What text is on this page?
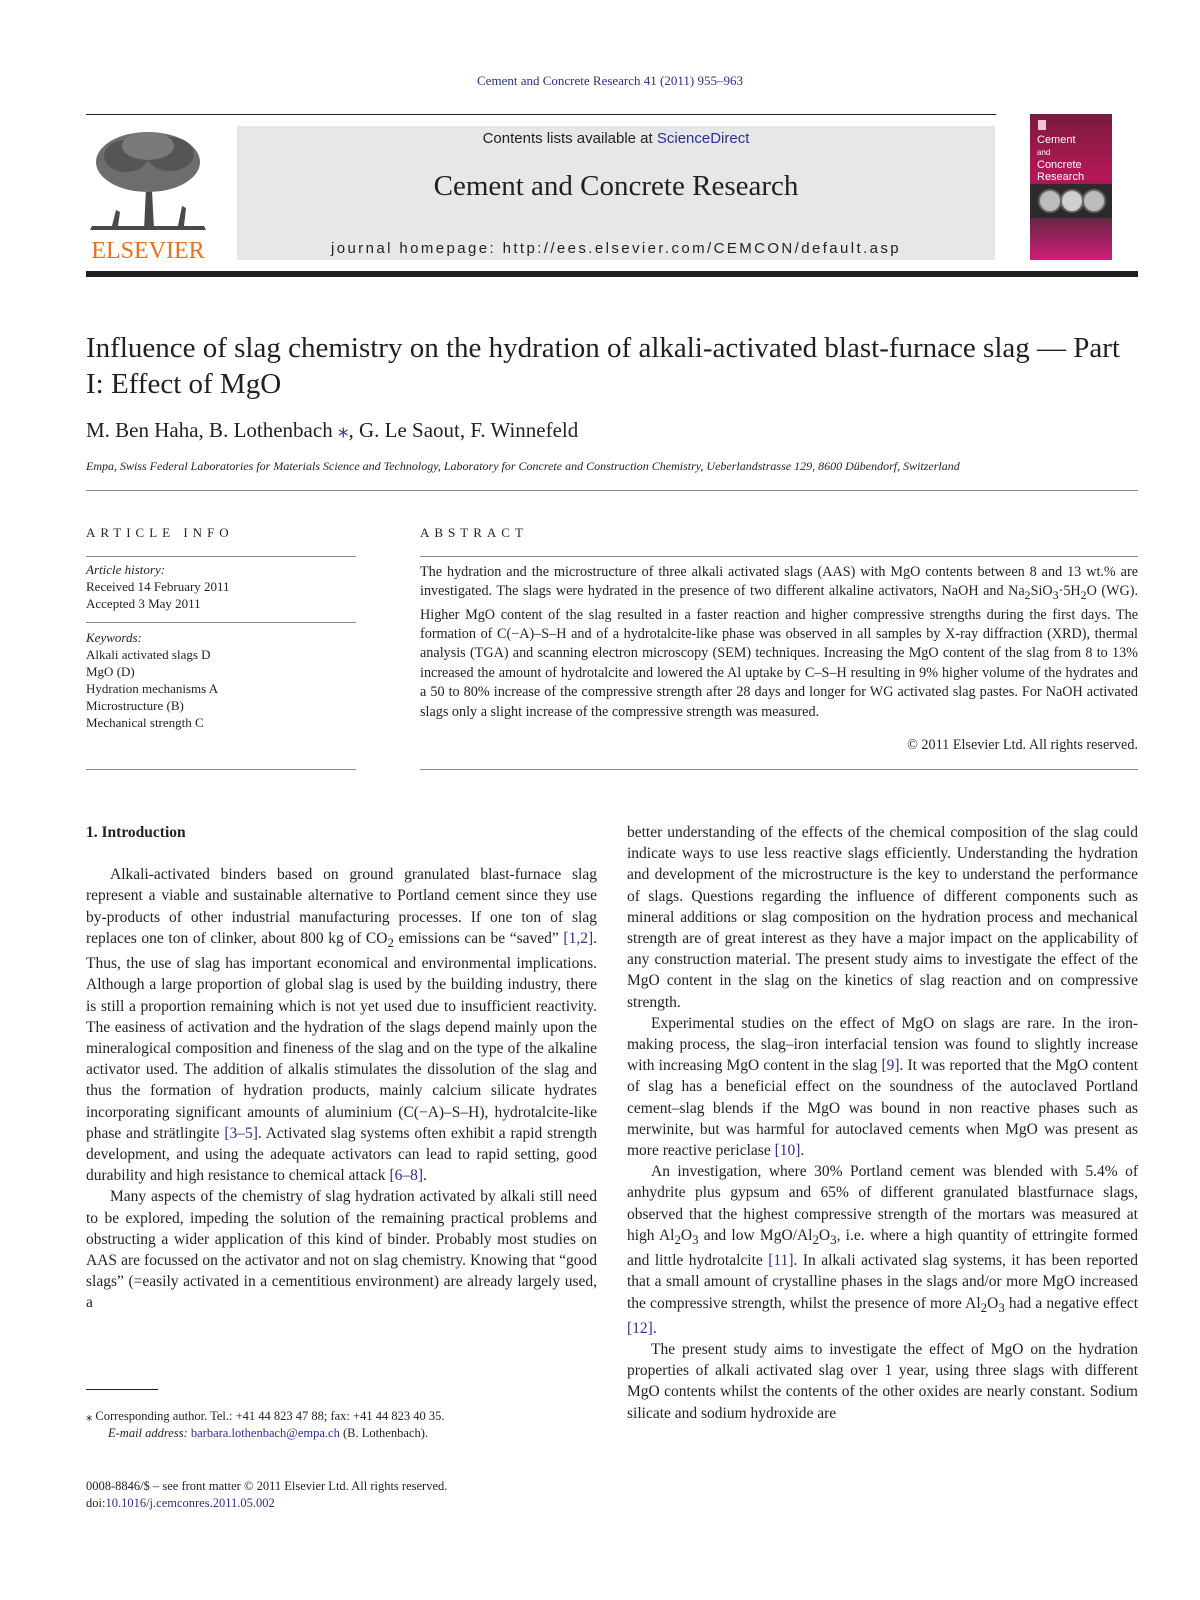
Cement and Concrete Research 41 (2011) 955–963
ELSEVIER
Contents lists available at ScienceDirect
Cement and Concrete Research
journal homepage: http://ees.elsevier.com/CEMCON/default.asp
Cement
and
Concrete
Research
Influence of slag chemistry on the hydration of alkali-activated blast-furnace slag — Part I: Effect of MgO
M. Ben Haha, B. Lothenbach ⁎, G. Le Saout, F. Winnefeld
Empa, Swiss Federal Laboratories for Materials Science and Technology, Laboratory for Concrete and Construction Chemistry, Ueberlandstrasse 129, 8600 Dübendorf, Switzerland
ARTICLE INFO
Article history:
Received 14 February 2011
Accepted 3 May 2011
Keywords:
Alkali activated slags D
MgO (D)
Hydration mechanisms A
Microstructure (B)
Mechanical strength C
ABSTRACT

The hydration and the microstructure of three alkali activated slags (AAS) with MgO contents between 8 and 13 wt.% are investigated. The slags were hydrated in the presence of two different alkaline activators, NaOH and $Na_2SiO_3\cdot 5H_2O$ (WG). Higher MgO content of the slag resulted in a faster reaction and higher compressive strengths during the first days. The formation of C(−A)–S–H and of a hydrotalcite-like phase was observed in all samples by X-ray diffraction (XRD), thermal analysis (TGA) and scanning electron microscopy (SEM) techniques. Increasing the MgO content of the slag from 8 to 13% increased the amount of hydrotalcite and lowered the Al uptake by C–S–H resulting in 9% higher volume of the hydrates and a 50 to 80% increase of the compressive strength after 28 days and longer for WG activated slag pastes. For NaOH activated slags only a slight increase of the compressive strength was measured.

© 2011 Elsevier Ltd. All rights reserved.
1. Introduction

Alkali-activated binders based on ground granulated blast-furnace slag represent a viable and sustainable alternative to Portland cement since they use by-products of other industrial manufacturing processes. If one ton of slag replaces one ton of clinker, about 800 kg of $CO_2$ emissions can be “saved” [1,2]. Thus, the use of slag has important economical and environmental implications. Although a large proportion of global slag is used by the building industry, there is still a proportion remaining which is not yet used due to insufficient reactivity. The easiness of activation and the hydration of the slags depend mainly upon the mineralogical composition and fineness of the slag and on the type of the alkaline activator used. The addition of alkalis stimulates the dissolution of the slag and thus the formation of hydration products, mainly calcium silicate hydrates incorporating significant amounts of aluminium (C(−A)–S–H), hydrotalcite-like phase and strätlingite [3–5]. Activated slag systems often exhibit a rapid strength development, and using the adequate activators can lead to rapid setting, good durability and high resistance to chemical attack [6–8].

Many aspects of the chemistry of slag hydration activated by alkali still need to be explored, impeding the solution of the remaining practical problems and obstructing a wider application of this kind of binder. Probably most studies on AAS are focussed on the activator and not on slag chemistry. Knowing that “good slags” (=easily activated in a cementitious environment) are already largely used, a

better understanding of the effects of the chemical composition of the slag could indicate ways to use less reactive slags efficiently. Understanding the hydration and development of the microstructure is the key to understand the performance of slags. Questions regarding the influence of different components such as mineral additions or slag composition on the hydration process and mechanical strength are of great interest as they have a major impact on the applicability of any construction material. The present study aims to investigate the effect of the MgO content in the slag on the kinetics of slag reaction and on compressive strength.

Experimental studies on the effect of MgO on slags are rare. In the iron-making process, the slag–iron interfacial tension was found to slightly increase with increasing MgO content in the slag [9]. It was reported that the MgO content of slag has a beneficial effect on the soundness of the autoclaved Portland cement–slag blends if the MgO was bound in non reactive phases such as merwinite, but was harmful for autoclaved cements when MgO was present as more reactive periclase [10].

An investigation, where 30% Portland cement was blended with 5.4% of anhydrite plus gypsum and 65% of different granulated blastfurnace slags, observed that the highest compressive strength of the mortars was measured at high $Al_2O_3$ and low MgO/$Al_2O_3$, i.e. where a high quantity of ettringite formed and little hydrotalcite [11]. In alkali activated slag systems, it has been reported that a small amount of crystalline phases in the slags and/or more MgO increased the compressive strength, whilst the presence of more $Al_2O_3$ had a negative effect [12].

The present study aims to investigate the effect of MgO on the hydration properties of alkali activated slag over 1 year, using three slags with different MgO contents whilst the contents of the other oxides are nearly constant. Sodium silicate and sodium hydroxide are

⁎ Corresponding author. Tel.: +41 44 823 47 88; fax: +41 44 823 40 35.
E-mail address: barbara.lothenbach@empa.ch (B. Lothenbach).
0008-8846/$ – see front matter © 2011 Elsevier Ltd. All rights reserved.
doi:10.1016/j.cemconres.2011.05.002
